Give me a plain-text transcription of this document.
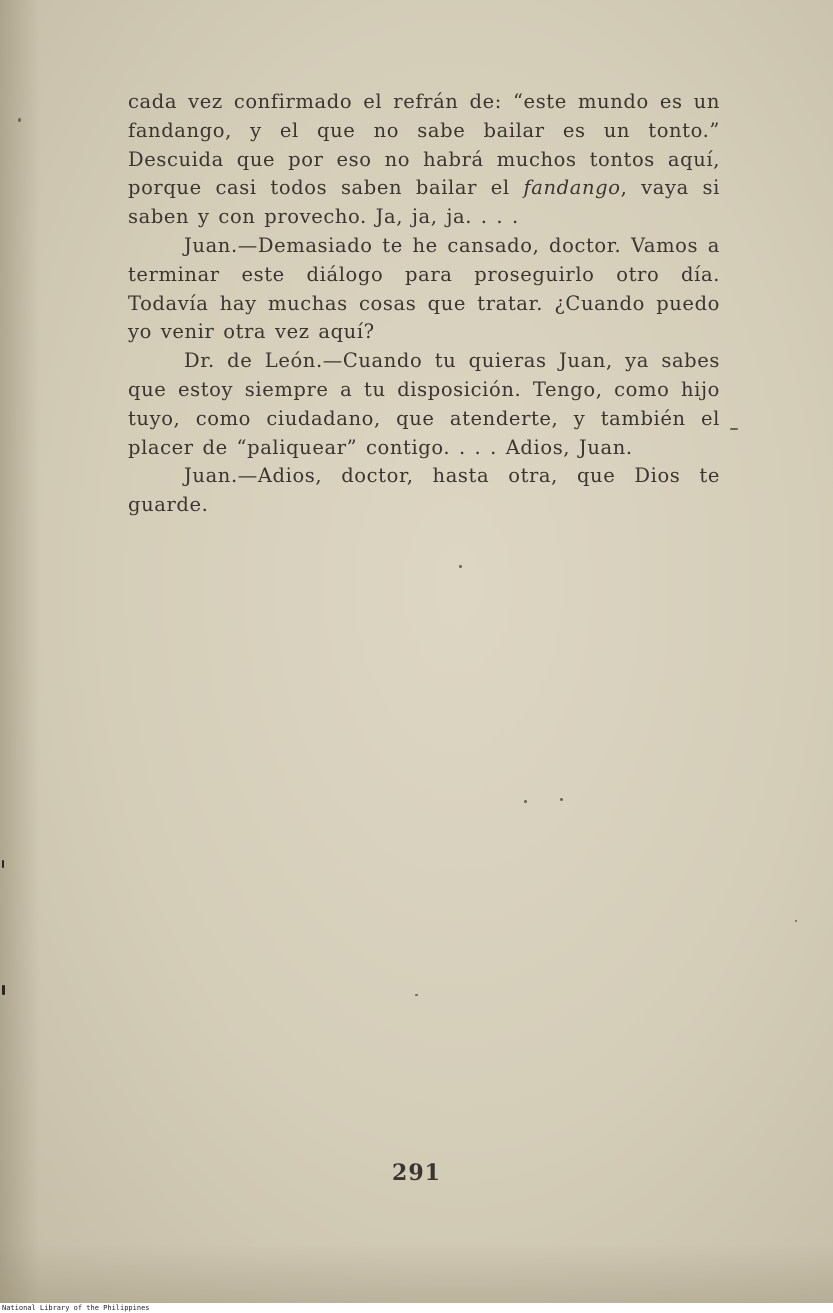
cada vez confirmado el refrán de: “este mundo es un fandango, y el que no sabe bailar es un tonto.” Descuida que por eso no habrá muchos tontos aquí, porque casi todos saben bailar el fandango, vaya si saben y con provecho. Ja, ja, ja. . . .

Juan.—Demasiado te he cansado, doctor. Vamos a terminar este diálogo para proseguirlo otro día. Todavía hay muchas cosas que tratar. ¿Cuando puedo yo venir otra vez aquí?

Dr. de León.—Cuando tu quieras Juan, ya sabes que estoy siempre a tu disposición. Tengo, como hijo tuyo, como ciudadano, que atenderte, y también el placer de “paliquear” contigo. . . . Adios, Juan.

Juan.—Adios, doctor, hasta otra, que Dios te guarde.

291
National Library of the Philippines
